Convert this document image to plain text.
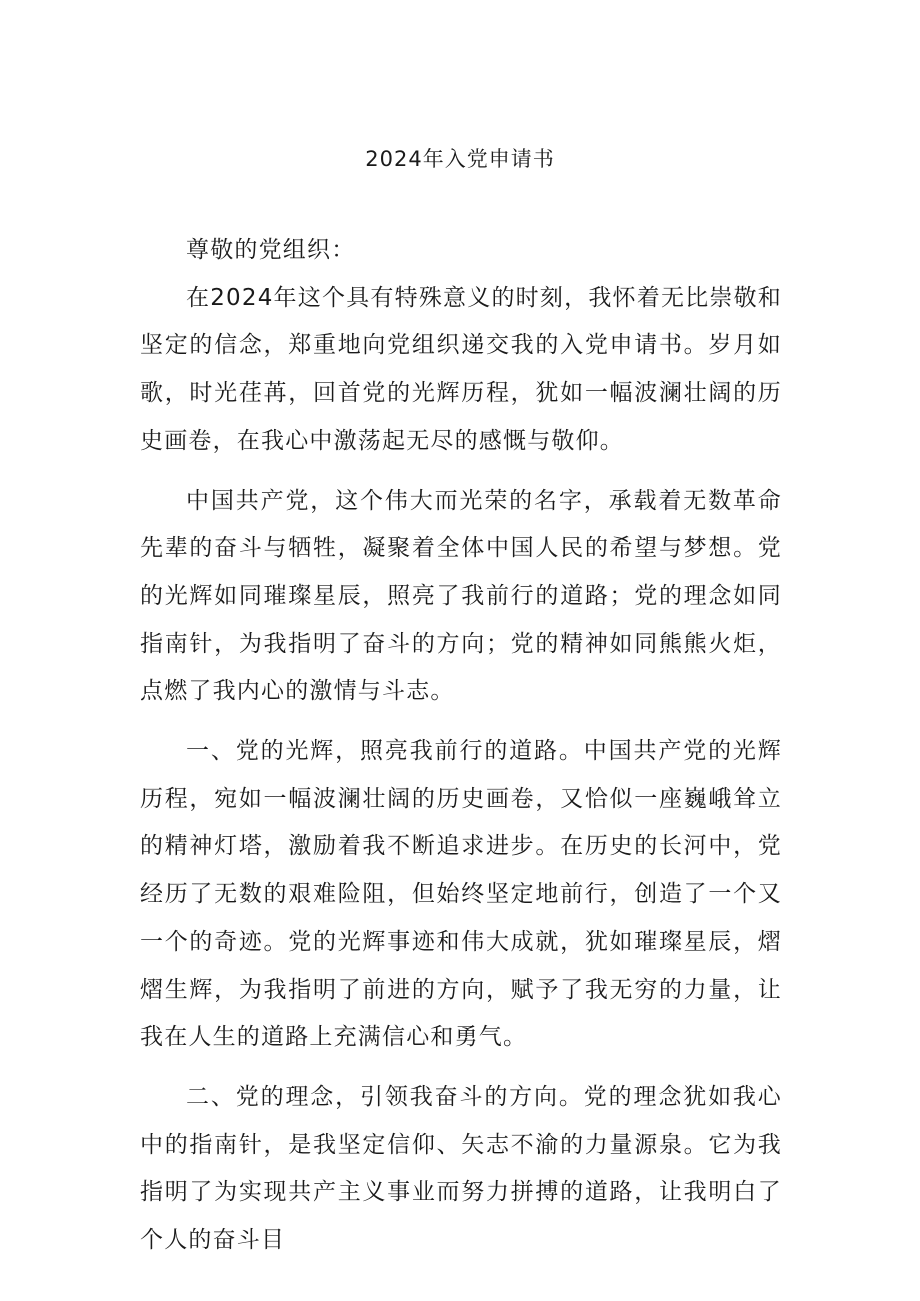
2024年入党申请书

尊敬的党组织：

在2024年这个具有特殊意义的时刻，我怀着无比崇敬和坚定的信念，郑重地向党组织递交我的入党申请书。岁月如歌，时光荏苒，回首党的光辉历程，犹如一幅波澜壮阔的历史画卷，在我心中激荡起无尽的感慨与敬仰。

中国共产党，这个伟大而光荣的名字，承载着无数革命先辈的奋斗与牺牲，凝聚着全体中国人民的希望与梦想。党的光辉如同璀璨星辰，照亮了我前行的道路；党的理念如同指南针，为我指明了奋斗的方向；党的精神如同熊熊火炬，点燃了我内心的激情与斗志。

一、党的光辉，照亮我前行的道路。中国共产党的光辉历程，宛如一幅波澜壮阔的历史画卷，又恰似一座巍峨耸立的精神灯塔，激励着我不断追求进步。在历史的长河中，党经历了无数的艰难险阻，但始终坚定地前行，创造了一个又一个的奇迹。党的光辉事迹和伟大成就，犹如璀璨星辰，熠熠生辉，为我指明了前进的方向，赋予了我无穷的力量，让我在人生的道路上充满信心和勇气。

二、党的理念，引领我奋斗的方向。党的理念犹如我心中的指南针，是我坚定信仰、矢志不渝的力量源泉。它为我指明了为实现共产主义事业而努力拼搏的道路，让我明白了个人的奋斗目
